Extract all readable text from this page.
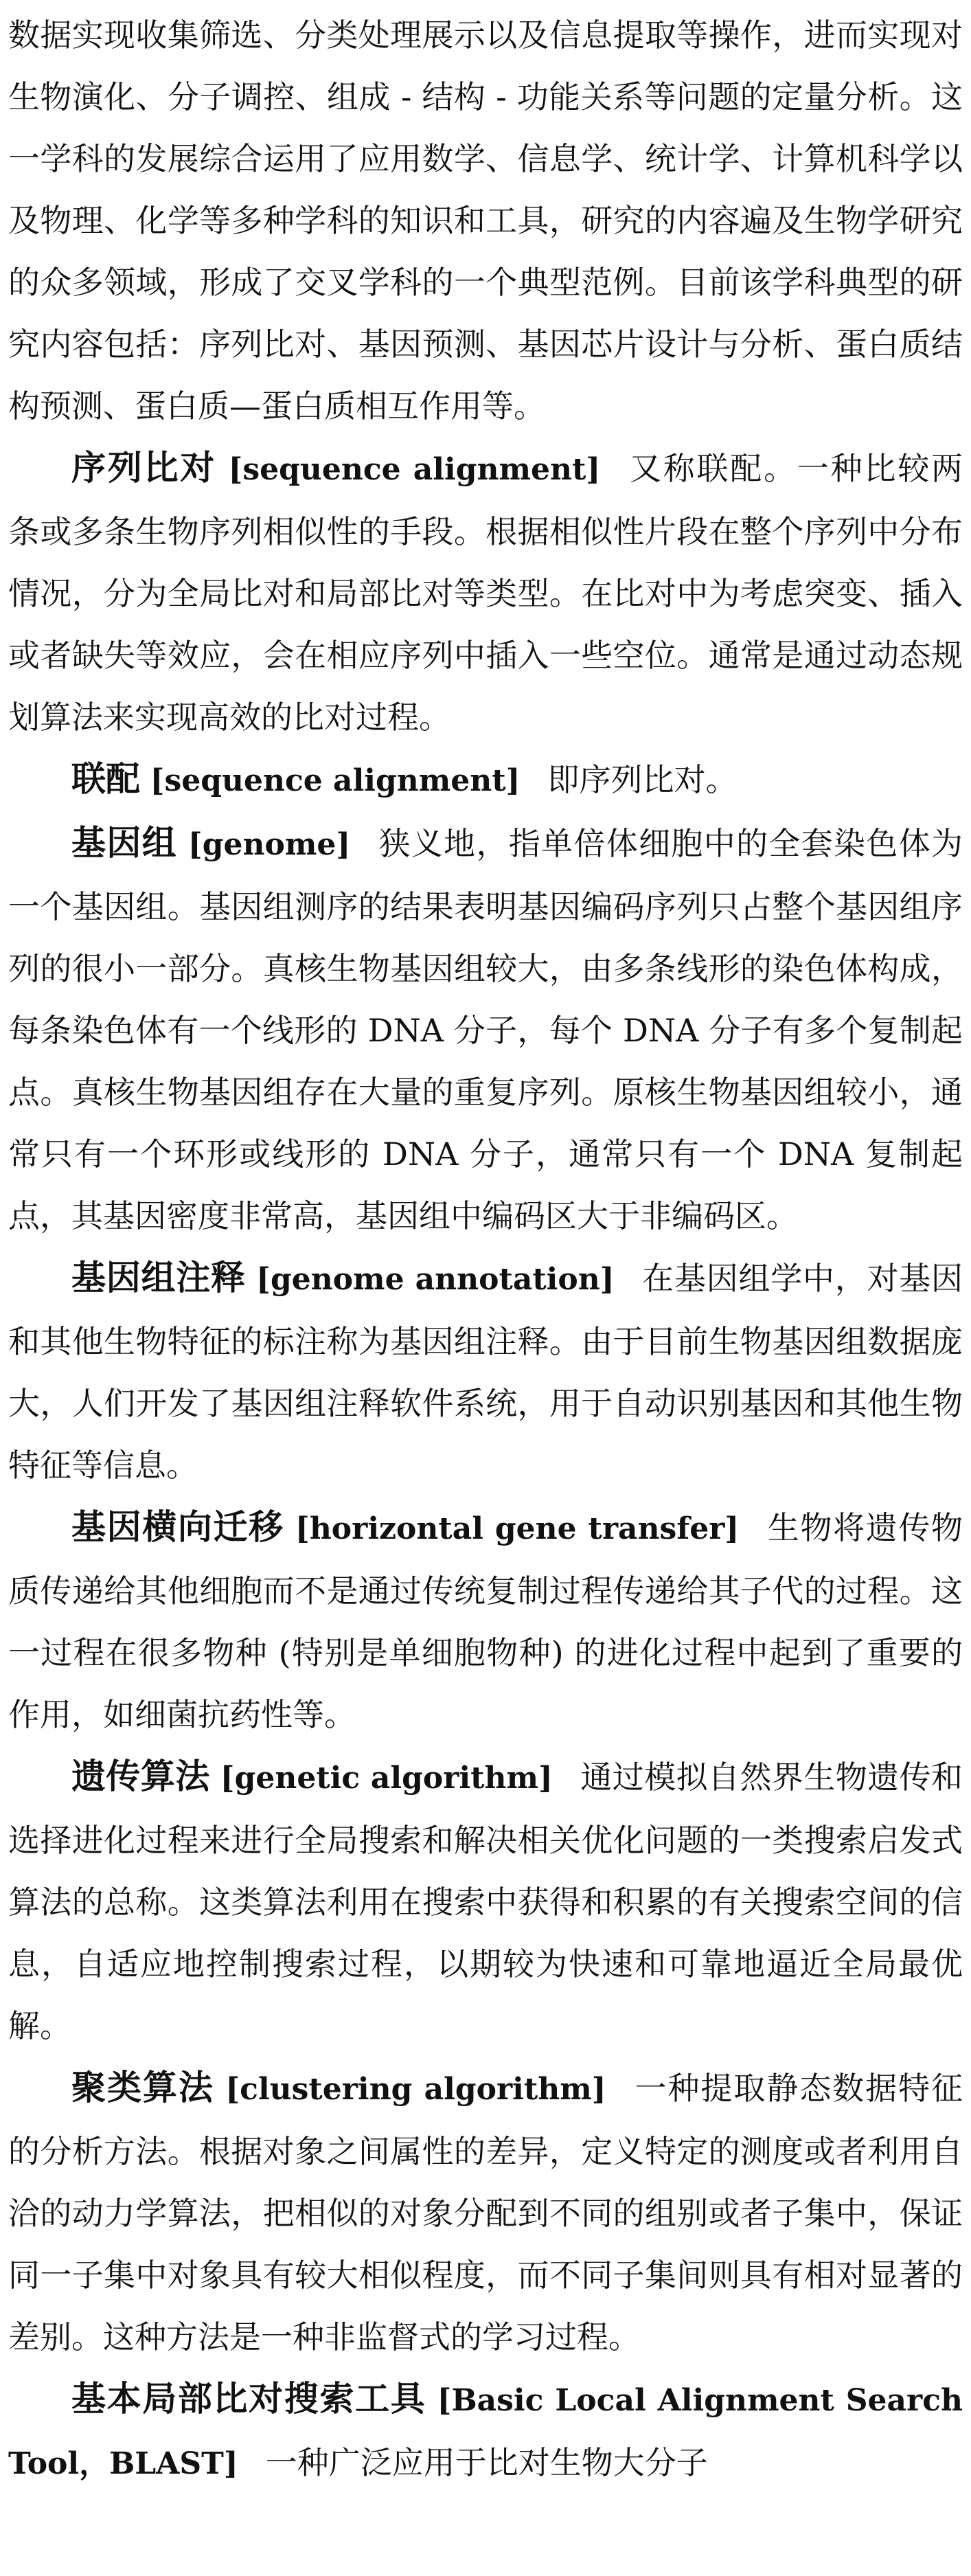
数据实现收集筛选、分类处理展示以及信息提取等操作，进而实现对生物演化、分子调控、组成 - 结构 - 功能关系等问题的定量分析。这一学科的发展综合运用了应用数学、信息学、统计学、计算机科学以及物理、化学等多种学科的知识和工具，研究的内容遍及生物学研究的众多领域，形成了交叉学科的一个典型范例。目前该学科典型的研究内容包括：序列比对、基因预测、基因芯片设计与分析、蛋白质结构预测、蛋白质—蛋白质相互作用等。

序列比对 [sequence alignment] 又称联配。一种比较两条或多条生物序列相似性的手段。根据相似性片段在整个序列中分布情况，分为全局比对和局部比对等类型。在比对中为考虑突变、插入或者缺失等效应，会在相应序列中插入一些空位。通常是通过动态规划算法来实现高效的比对过程。

联配 [sequence alignment] 即序列比对。

基因组 [genome] 狭义地，指单倍体细胞中的全套染色体为一个基因组。基因组测序的结果表明基因编码序列只占整个基因组序列的很小一部分。真核生物基因组较大，由多条线形的染色体构成，每条染色体有一个线形的 DNA 分子，每个 DNA 分子有多个复制起点。真核生物基因组存在大量的重复序列。原核生物基因组较小，通常只有一个环形或线形的 DNA 分子，通常只有一个 DNA 复制起点，其基因密度非常高，基因组中编码区大于非编码区。

基因组注释 [genome annotation] 在基因组学中，对基因和其他生物特征的标注称为基因组注释。由于目前生物基因组数据庞大，人们开发了基因组注释软件系统，用于自动识别基因和其他生物特征等信息。

基因横向迁移 [horizontal gene transfer] 生物将遗传物质传递给其他细胞而不是通过传统复制过程传递给其子代的过程。这一过程在很多物种 (特别是单细胞物种) 的进化过程中起到了重要的作用，如细菌抗药性等。

遗传算法 [genetic algorithm] 通过模拟自然界生物遗传和选择进化过程来进行全局搜索和解决相关优化问题的一类搜索启发式算法的总称。这类算法利用在搜索中获得和积累的有关搜索空间的信息，自适应地控制搜索过程，以期较为快速和可靠地逼近全局最优解。

聚类算法 [clustering algorithm] 一种提取静态数据特征的分析方法。根据对象之间属性的差异，定义特定的测度或者利用自洽的动力学算法，把相似的对象分配到不同的组别或者子集中，保证同一子集中对象具有较大相似程度，而不同子集间则具有相对显著的差别。这种方法是一种非监督式的学习过程。

基本局部比对搜索工具 [Basic Local Alignment Search Tool，BLAST] 一种广泛应用于比对生物大分子
